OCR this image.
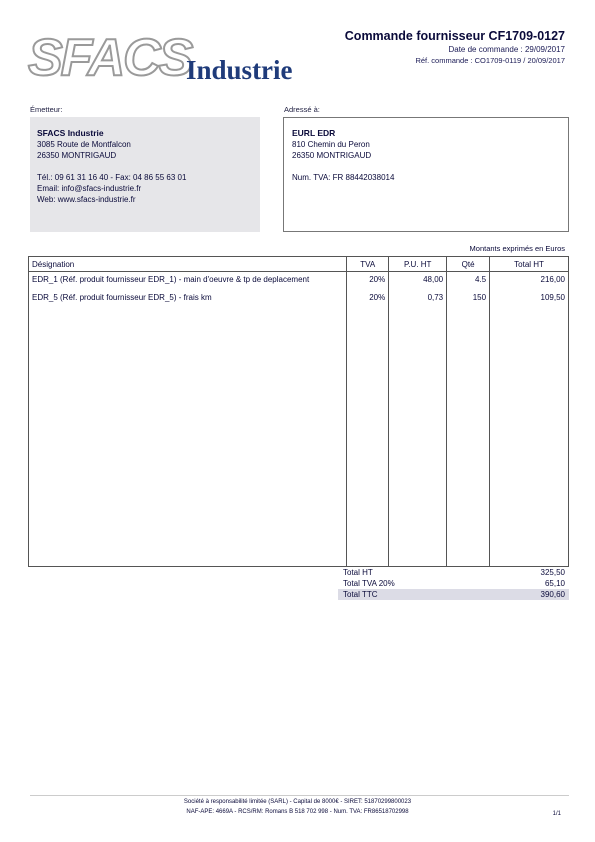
SFACS
Industrie
Commande fournisseur CF1709-0127
Date de commande : 29/09/2017
Réf. commande : CO1709-0119 / 20/09/2017
Émetteur:	Adressé à:
SFACS Industrie
3085 Route de Montfalcon
26350 MONTRIGAUD
Tél.: 09 61 31 16 40 - Fax: 04 86 55 63 01
Email: info@sfacs-industrie.fr
Web: www.sfacs-industrie.fr
EURL EDR
810 Chemin du Peron
26350 MONTRIGAUD
Num. TVA: FR 88442038014
Montants exprimés en Euros
Désignation	TVA	P.U. HT	Qté	Total HT
EDR_1 (Réf. produit fournisseur EDR_1) - main d'oeuvre & tp de deplacement	20%	48,00	4.5	216,00
EDR_5 (Réf. produit fournisseur EDR_5) - frais km	20%	0,73	150	109,50

Total HT	325,50
Total TVA 20%	65,10
Total TTC	390,60
Société à responsabilité limitée (SARL) - Capital de 8000€ - SIRET: 51870299800023
NAF-APE: 4669A - RCS/RM: Romans B 518 702 998 - Num. TVA: FR86518702998	1/1
